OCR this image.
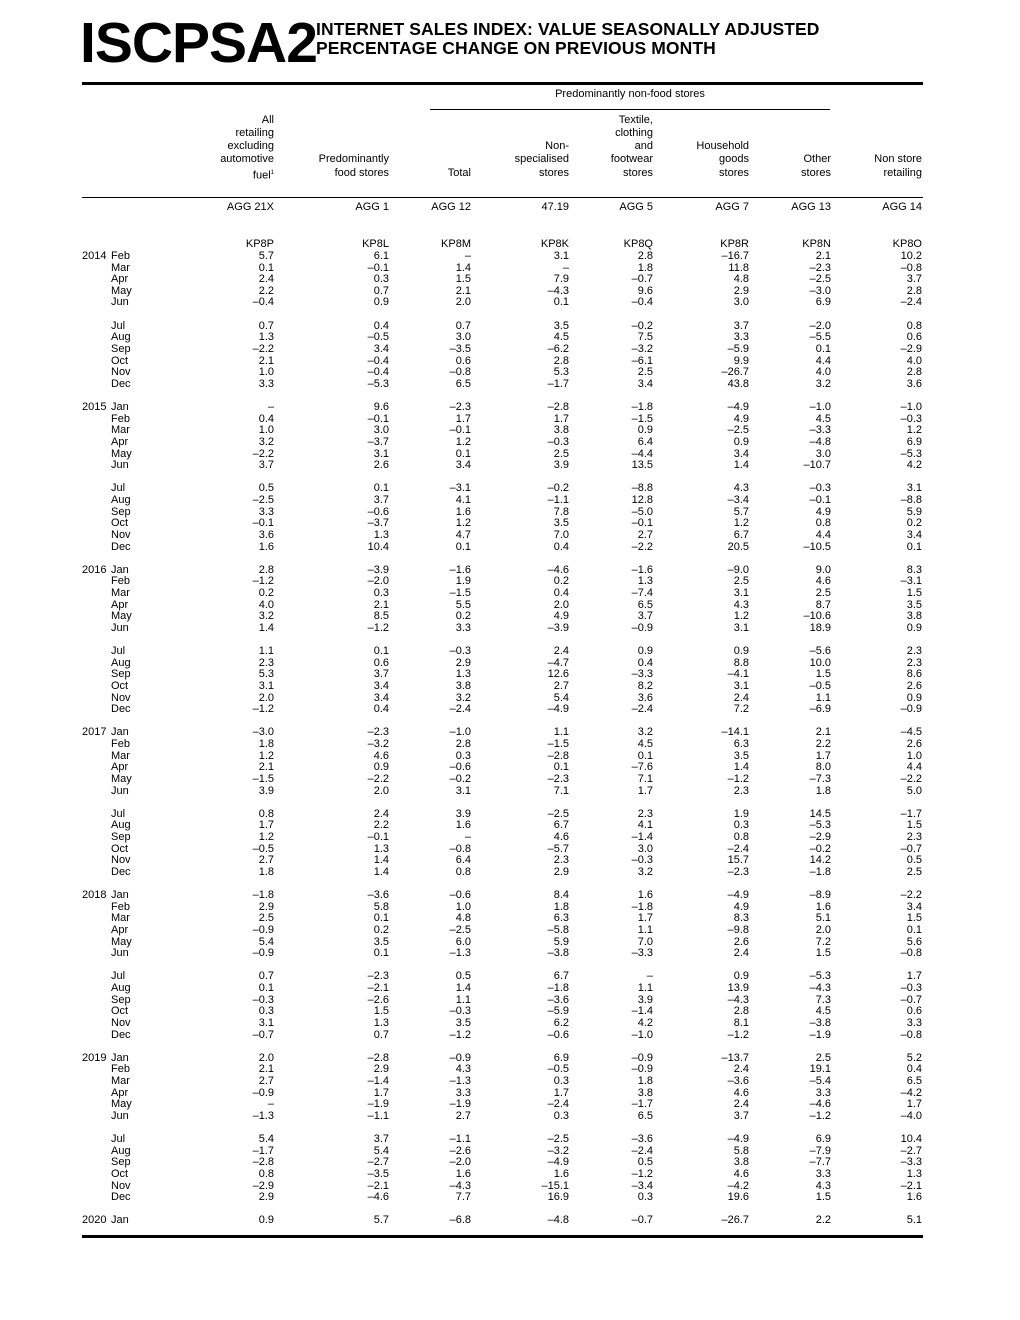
ISCPSA2 INTERNET SALES INDEX: VALUE SEASONALLY ADJUSTED
PERCENTAGE CHANGE ON PREVIOUS MONTH
Predominantly non-food stores
All
retailing
excluding
automotive
fuel$^1$
AGG 21X
KP8P
Predominantly
food stores
AGG 1
KP8L
Total
AGG 12
KP8M
Non-
specialised
stores
47.19
KP8K
Textile,
clothing
and
footwear
stores
AGG 5
KP8Q
Household
goods
stores
AGG 7
KP8R
Other
stores
AGG 13
KP8N
Non store
retailing
AGG 14
KP8O
2014 Feb	5.7	6.1	–	3.1	2.8	–16.7	2.1	10.2
Mar	0.1	–0.1	1.4	–	1.8	11.8	–2.3	–0.8
Apr	2.4	0.3	1.5	7.9	–0.7	4.8	–2.5	3.7
May	2.2	0.7	2.1	–4.3	9.6	2.9	–3.0	2.8
Jun	–0.4	0.9	2.0	0.1	–0.4	3.0	6.9	–2.4
Jul	0.7	0.4	0.7	3.5	–0.2	3.7	–2.0	0.8
Aug	1.3	–0.5	3.0	4.5	7.5	3.3	–5.5	0.6
Sep	–2.2	3.4	–3.5	–6.2	–3.2	–5.9	0.1	–2.9
Oct	2.1	–0.4	0.6	2.8	–6.1	9.9	4.4	4.0
Nov	1.0	–0.4	–0.8	5.3	2.5	–26.7	4.0	2.8
Dec	3.3	–5.3	6.5	–1.7	3.4	43.8	3.2	3.6
2015 Jan	–	9.6	–2.3	–2.8	–1.8	–4.9	–1.0	–1.0
Feb	0.4	–0.1	1.7	1.7	–1.5	4.9	4.5	–0.3
Mar	1.0	3.0	–0.1	3.8	0.9	–2.5	–3.3	1.2
Apr	3.2	–3.7	1.2	–0.3	6.4	0.9	–4.8	6.9
May	–2.2	3.1	0.1	2.5	–4.4	3.4	3.0	–5.3
Jun	3.7	2.6	3.4	3.9	13.5	1.4	–10.7	4.2
Jul	0.5	0.1	–3.1	–0.2	–8.8	4.3	–0.3	3.1
Aug	–2.5	3.7	4.1	–1.1	12.8	–3.4	–0.1	–8.8
Sep	3.3	–0.6	1.6	7.8	–5.0	5.7	4.9	5.9
Oct	–0.1	–3.7	1.2	3.5	–0.1	1.2	0.8	0.2
Nov	3.6	1.3	4.7	7.0	2.7	6.7	4.4	3.4
Dec	1.6	10.4	0.1	0.4	–2.2	20.5	–10.5	0.1
2016 Jan	2.8	–3.9	–1.6	–4.6	–1.6	–9.0	9.0	8.3
Feb	–1.2	–2.0	1.9	0.2	1.3	2.5	4.6	–3.1
Mar	0.2	0.3	–1.5	0.4	–7.4	3.1	2.5	1.5
Apr	4.0	2.1	5.5	2.0	6.5	4.3	8.7	3.5
May	3.2	8.5	0.2	4.9	3.7	1.2	–10.6	3.8
Jun	1.4	–1.2	3.3	–3.9	–0.9	3.1	18.9	0.9
Jul	1.1	0.1	–0.3	2.4	0.9	0.9	–5.6	2.3
Aug	2.3	0.6	2.9	–4.7	0.4	8.8	10.0	2.3
Sep	5.3	3.7	1.3	12.6	–3.3	–4.1	1.5	8.6
Oct	3.1	3.4	3.8	2.7	8.2	3.1	–0.5	2.6
Nov	2.0	3.4	3.2	5.4	3.6	2.4	1.1	0.9
Dec	–1.2	0.4	–2.4	–4.9	–2.4	7.2	–6.9	–0.9
2017 Jan	–3.0	–2.3	–1.0	1.1	3.2	–14.1	2.1	–4.5
Feb	1.8	–3.2	2.8	–1.5	4.5	6.3	2.2	2.6
Mar	1.2	4.6	0.3	–2.8	0.1	3.5	1.7	1.0
Apr	2.1	0.9	–0.6	0.1	–7.6	1.4	8.0	4.4
May	–1.5	–2.2	–0.2	–2.3	7.1	–1.2	–7.3	–2.2
Jun	3.9	2.0	3.1	7.1	1.7	2.3	1.8	5.0
Jul	0.8	2.4	3.9	–2.5	2.3	1.9	14.5	–1.7
Aug	1.7	2.2	1.6	6.7	4.1	0.3	–5.3	1.5
Sep	1.2	–0.1	–	4.6	–1.4	0.8	–2.9	2.3
Oct	–0.5	1.3	–0.8	–5.7	3.0	–2.4	–0.2	–0.7
Nov	2.7	1.4	6.4	2.3	–0.3	15.7	14.2	0.5
Dec	1.8	1.4	0.8	2.9	3.2	–2.3	–1.8	2.5
2018 Jan	–1.8	–3.6	–0.6	8.4	1.6	–4.9	–8.9	–2.2
Feb	2.9	5.8	1.0	1.8	–1.8	4.9	1.6	3.4
Mar	2.5	0.1	4.8	6.3	1.7	8.3	5.1	1.5
Apr	–0.9	0.2	–2.5	–5.8	1.1	–9.8	2.0	0.1
May	5.4	3.5	6.0	5.9	7.0	2.6	7.2	5.6
Jun	–0.9	0.1	–1.3	–3.8	–3.3	2.4	1.5	–0.8
Jul	0.7	–2.3	0.5	6.7	–	0.9	–5.3	1.7
Aug	0.1	–2.1	1.4	–1.8	1.1	13.9	–4.3	–0.3
Sep	–0.3	–2.6	1.1	–3.6	3.9	–4.3	7.3	–0.7
Oct	0.3	1.5	–0.3	–5.9	–1.4	2.8	4.5	0.6
Nov	3.1	1.3	3.5	6.2	4.2	8.1	–3.8	3.3
Dec	–0.7	0.7	–1.2	–0.6	–1.0	–1.2	–1.9	–0.8
2019 Jan	2.0	–2.8	–0.9	6.9	–0.9	–13.7	2.5	5.2
Feb	2.1	2.9	4.3	–0.5	–0.9	2.4	19.1	0.4
Mar	2.7	–1.4	–1.3	0.3	1.8	–3.6	–5.4	6.5
Apr	–0.9	1.7	3.3	1.7	3.8	4.6	3.3	–4.2
May	–	–1.9	–1.9	–2.4	–1.7	2.4	–4.6	1.7
Jun	–1.3	–1.1	2.7	0.3	6.5	3.7	–1.2	–4.0
Jul	5.4	3.7	–1.1	–2.5	–3.6	–4.9	6.9	10.4
Aug	–1.7	5.4	–2.6	–3.2	–2.4	5.8	–7.9	–2.7
Sep	–2.8	–2.7	–2.0	–4.9	0.5	3.8	–7.7	–3.3
Oct	0.8	–3.5	1.6	1.6	–1.2	4.6	3.3	1.3
Nov	–2.9	–2.1	–4.3	–15.1	–3.4	–4.2	4.3	–2.1
Dec	2.9	–4.6	7.7	16.9	0.3	19.6	1.5	1.6
2020 Jan	0.9	5.7	–6.8	–4.8	–0.7	–26.7	2.2	5.1
